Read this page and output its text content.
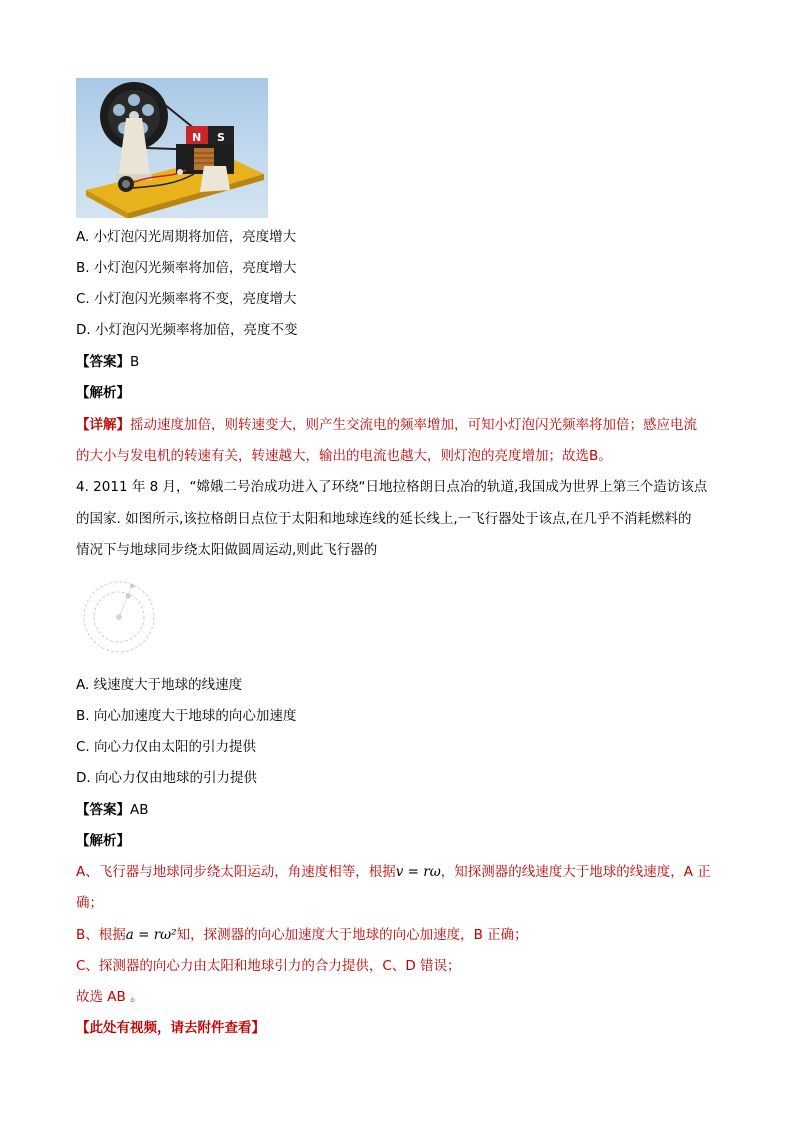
N S
A. 小灯泡闪光周期将加倍，亮度增大
B. 小灯泡闪光频率将加倍，亮度增大
C. 小灯泡闪光频率将不变，亮度增大
D. 小灯泡闪光频率将加倍，亮度不变
【答案】B
【解析】
【详解】摇动速度加倍，则转速变大，则产生交流电的频率增加，可知小灯泡闪光频率将加倍；感应电流
的大小与发电机的转速有关，转速越大，输出的电流也越大，则灯泡的亮度增加；故选B。
4. 2011 年 8 月，“嫦娥二号治成功进入了环绕“日地拉格朗日点冶的轨道,我国成为世界上第三个造访该点
的国家. 如图所示,该拉格朗日点位于太阳和地球连线的延长线上,一飞行器处于该点,在几乎不消耗燃料的
情况下与地球同步绕太阳做圆周运动,则此飞行器的
A. 线速度大于地球的线速度
B. 向心加速度大于地球的向心加速度
C. 向心力仅由太阳的引力提供
D. 向心力仅由地球的引力提供
【答案】AB
【解析】
A、飞行器与地球同步绕太阳运动，角速度相等，根据v = rω，知探测器的线速度大于地球的线速度，A 正
确；
B、根据a = rω²知，探测器的向心加速度大于地球的向心加速度，B 正确；
C、探测器的向心力由太阳和地球引力的合力提供，C、D 错误；
故选 AB 。
【此处有视频，请去附件查看】
